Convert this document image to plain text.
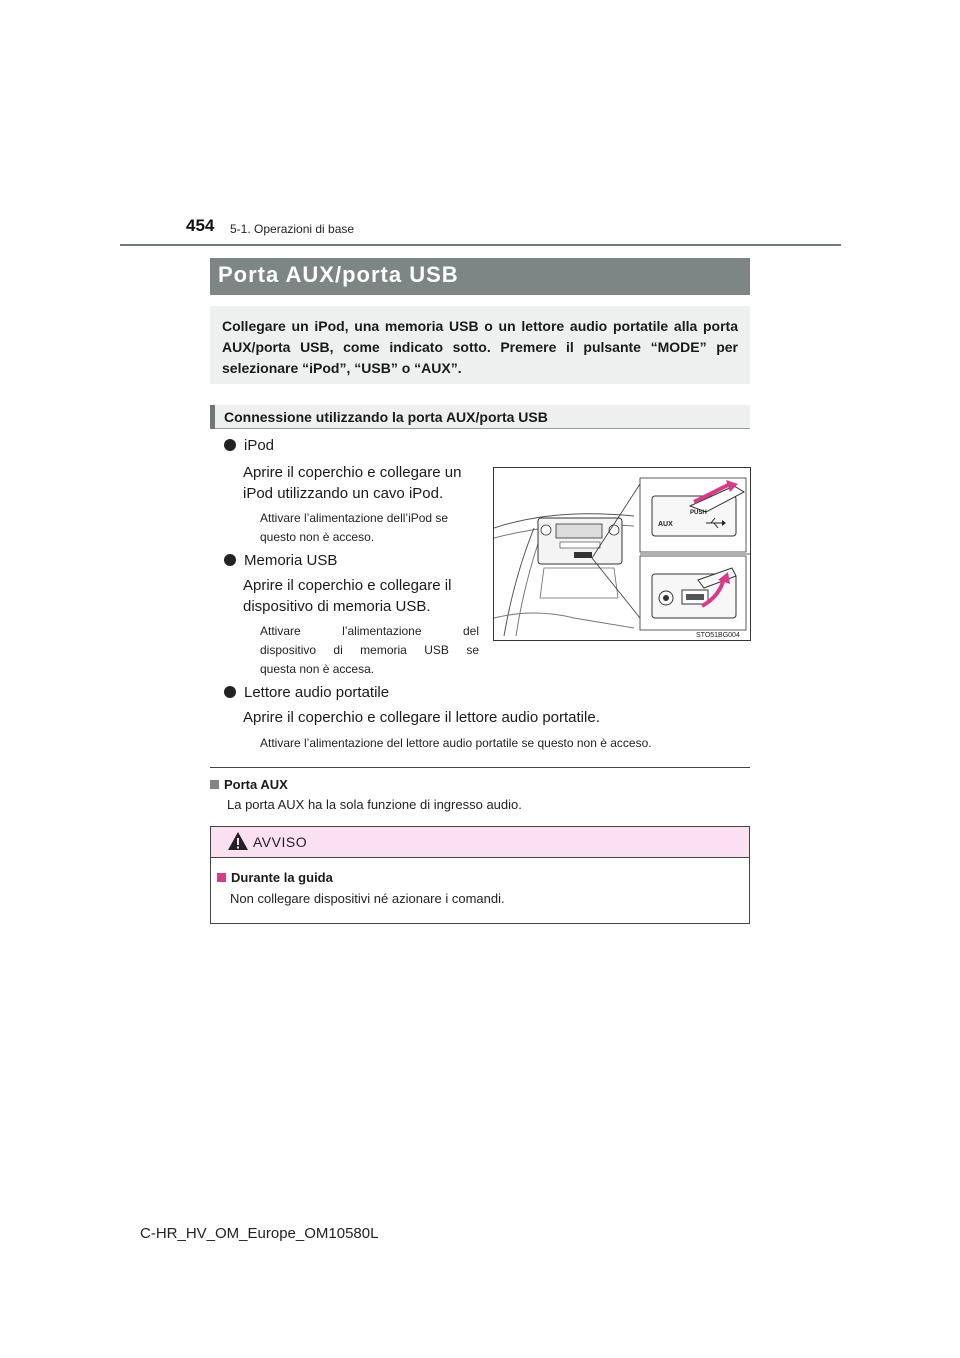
454 5-1. Operazioni di base
Porta AUX/porta USB
Collegare un iPod, una memoria USB o un lettore audio portatile alla porta AUX/porta USB, come indicato sotto. Premere il pulsante “MODE” per selezionare “iPod”, “USB” o “AUX”.
Connessione utilizzando la porta AUX/porta USB
iPod
Aprire il coperchio e collegare un
iPod utilizzando un cavo iPod.
Attivare l’alimentazione dell’iPod se
questo non è acceso.
Memoria USB
Aprire il coperchio e collegare il
dispositivo di memoria USB.
Attivare l’alimentazione del
dispositivo di memoria USB se
questa non è accesa.
Lettore audio portatile
Aprire il coperchio e collegare il lettore audio portatile.
Attivare l’alimentazione del lettore audio portatile se questo non è acceso.
PUSH
AUX
STO51BG004
Porta AUX
La porta AUX ha la sola funzione di ingresso audio.
AVVISO
Durante la guida
Non collegare dispositivi né azionare i comandi.
C-HR_HV_OM_Europe_OM10580L
